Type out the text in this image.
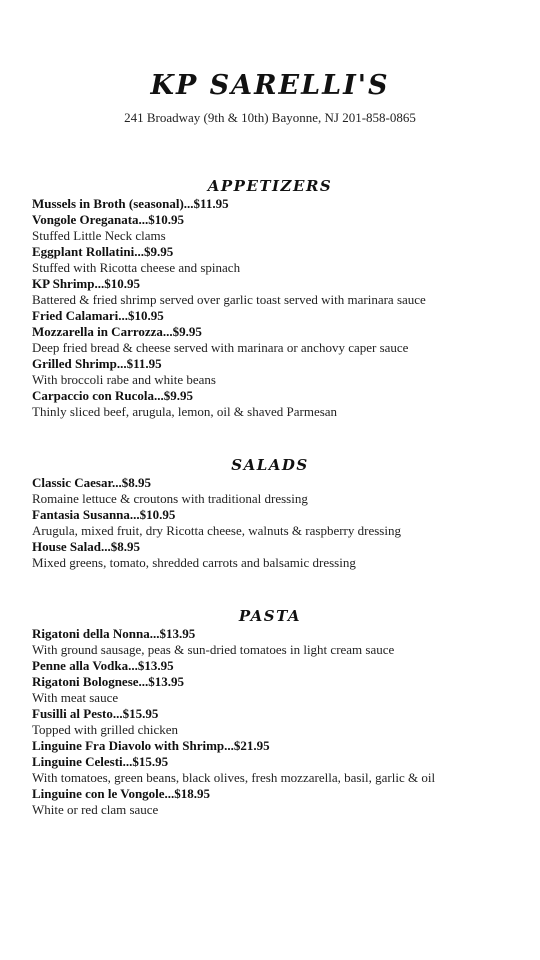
KP SARELLI'S
241 Broadway (9th & 10th) Bayonne, NJ 201-858-0865
APPETIZERS
Mussels in Broth (seasonal)...$11.95
Vongole Oreganata...$10.95
Stuffed Little Neck clams
Eggplant Rollatini...$9.95
Stuffed with Ricotta cheese and spinach
KP Shrimp...$10.95
Battered & fried shrimp served over garlic toast served with marinara sauce
Fried Calamari...$10.95
Mozzarella in Carrozza...$9.95
Deep fried bread & cheese served with marinara or anchovy caper sauce
Grilled Shrimp...$11.95
With broccoli rabe and white beans
Carpaccio con Rucola...$9.95
Thinly sliced beef, arugula, lemon, oil & shaved Parmesan
SALADS
Classic Caesar...$8.95
Romaine lettuce & croutons with traditional dressing
Fantasia Susanna...$10.95
Arugula, mixed fruit, dry Ricotta cheese, walnuts & raspberry dressing
House Salad...$8.95
Mixed greens, tomato, shredded carrots and balsamic dressing
PASTA
Rigatoni della Nonna...$13.95
With ground sausage, peas & sun-dried tomatoes in light cream sauce
Penne alla Vodka...$13.95
Rigatoni Bolognese...$13.95
With meat sauce
Fusilli al Pesto...$15.95
Topped with grilled chicken
Linguine Fra Diavolo with Shrimp...$21.95
Linguine Celesti...$15.95
With tomatoes, green beans, black olives, fresh mozzarella, basil, garlic & oil
Linguine con le Vongole...$18.95
White or red clam sauce
